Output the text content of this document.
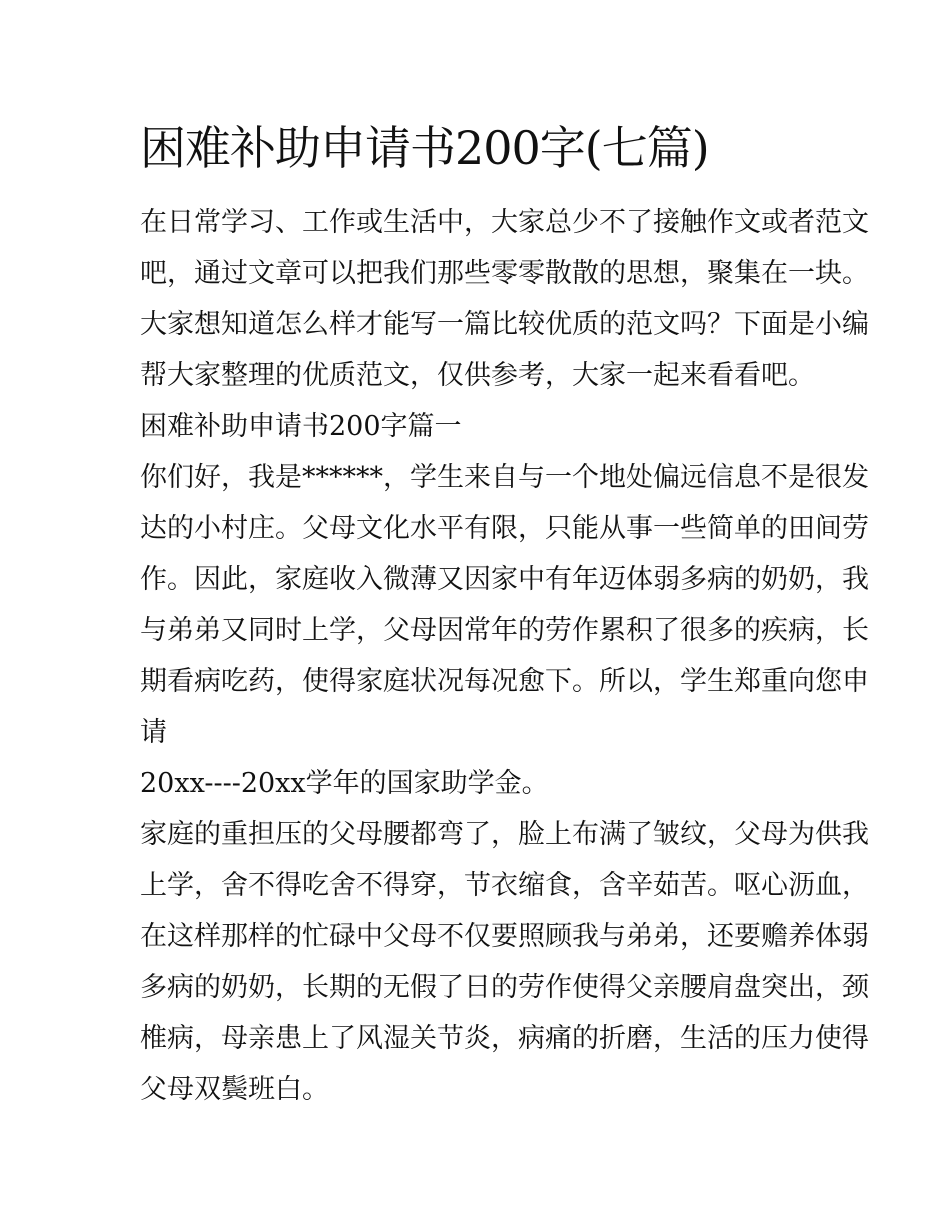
困难补助申请书200字(七篇)
在日常学习、工作或生活中，大家总少不了接触作文或者范文
吧，通过文章可以把我们那些零零散散的思想，聚集在一块。
大家想知道怎么样才能写一篇比较优质的范文吗？下面是小编
帮大家整理的优质范文，仅供参考，大家一起来看看吧。
困难补助申请书200字篇一
你们好，我是******，学生来自与一个地处偏远信息不是很发
达的小村庄。父母文化水平有限，只能从事一些简单的田间劳
作。因此，家庭收入微薄又因家中有年迈体弱多病的奶奶，我
与弟弟又同时上学，父母因常年的劳作累积了很多的疾病，长
期看病吃药，使得家庭状况每况愈下。所以，学生郑重向您申
请
20xx----20xx学年的国家助学金。
家庭的重担压的父母腰都弯了，脸上布满了皱纹，父母为供我
上学，舍不得吃舍不得穿，节衣缩食，含辛茹苦。呕心沥血，
在这样那样的忙碌中父母不仅要照顾我与弟弟，还要赡养体弱
多病的奶奶，长期的无假了日的劳作使得父亲腰肩盘突出，颈
椎病，母亲患上了风湿关节炎，病痛的折磨，生活的压力使得
父母双鬓班白。
